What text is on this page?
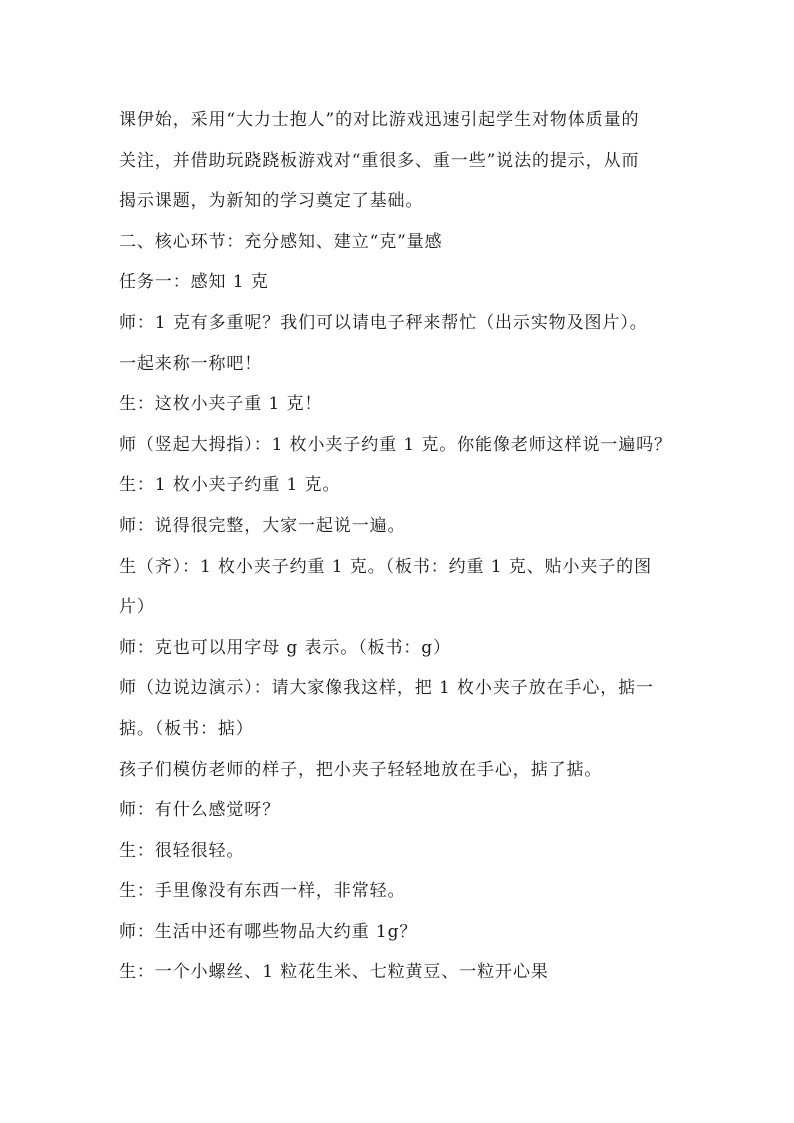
课伊始，采用“大力士抱人”的对比游戏迅速引起学生对物体质量的
关注，并借助玩跷跷板游戏对“重很多、重一些”说法的提示，从而
揭示课题，为新知的学习奠定了基础。
二、核心环节：充分感知、建立“克”量感
任务一：感知 1 克
师：1 克有多重呢？我们可以请电子秤来帮忙（出示实物及图片）。
一起来称一称吧！
生：这枚小夹子重 1 克！
师（竖起大拇指）：1 枚小夹子约重 1 克。你能像老师这样说一遍吗？
生：1 枚小夹子约重 1 克。
师：说得很完整，大家一起说一遍。
生（齐）：1 枚小夹子约重 1 克。（板书：约重 1 克、贴小夹子的图
片）
师：克也可以用字母 g 表示。（板书：g）
师（边说边演示）：请大家像我这样，把 1 枚小夹子放在手心，掂一
掂。（板书：掂）
孩子们模仿老师的样子，把小夹子轻轻地放在手心，掂了掂。
师：有什么感觉呀？
生：很轻很轻。
生：手里像没有东西一样，非常轻。
师：生活中还有哪些物品大约重 1g？
生：一个小螺丝、1 粒花生米、七粒黄豆、一粒开心果
